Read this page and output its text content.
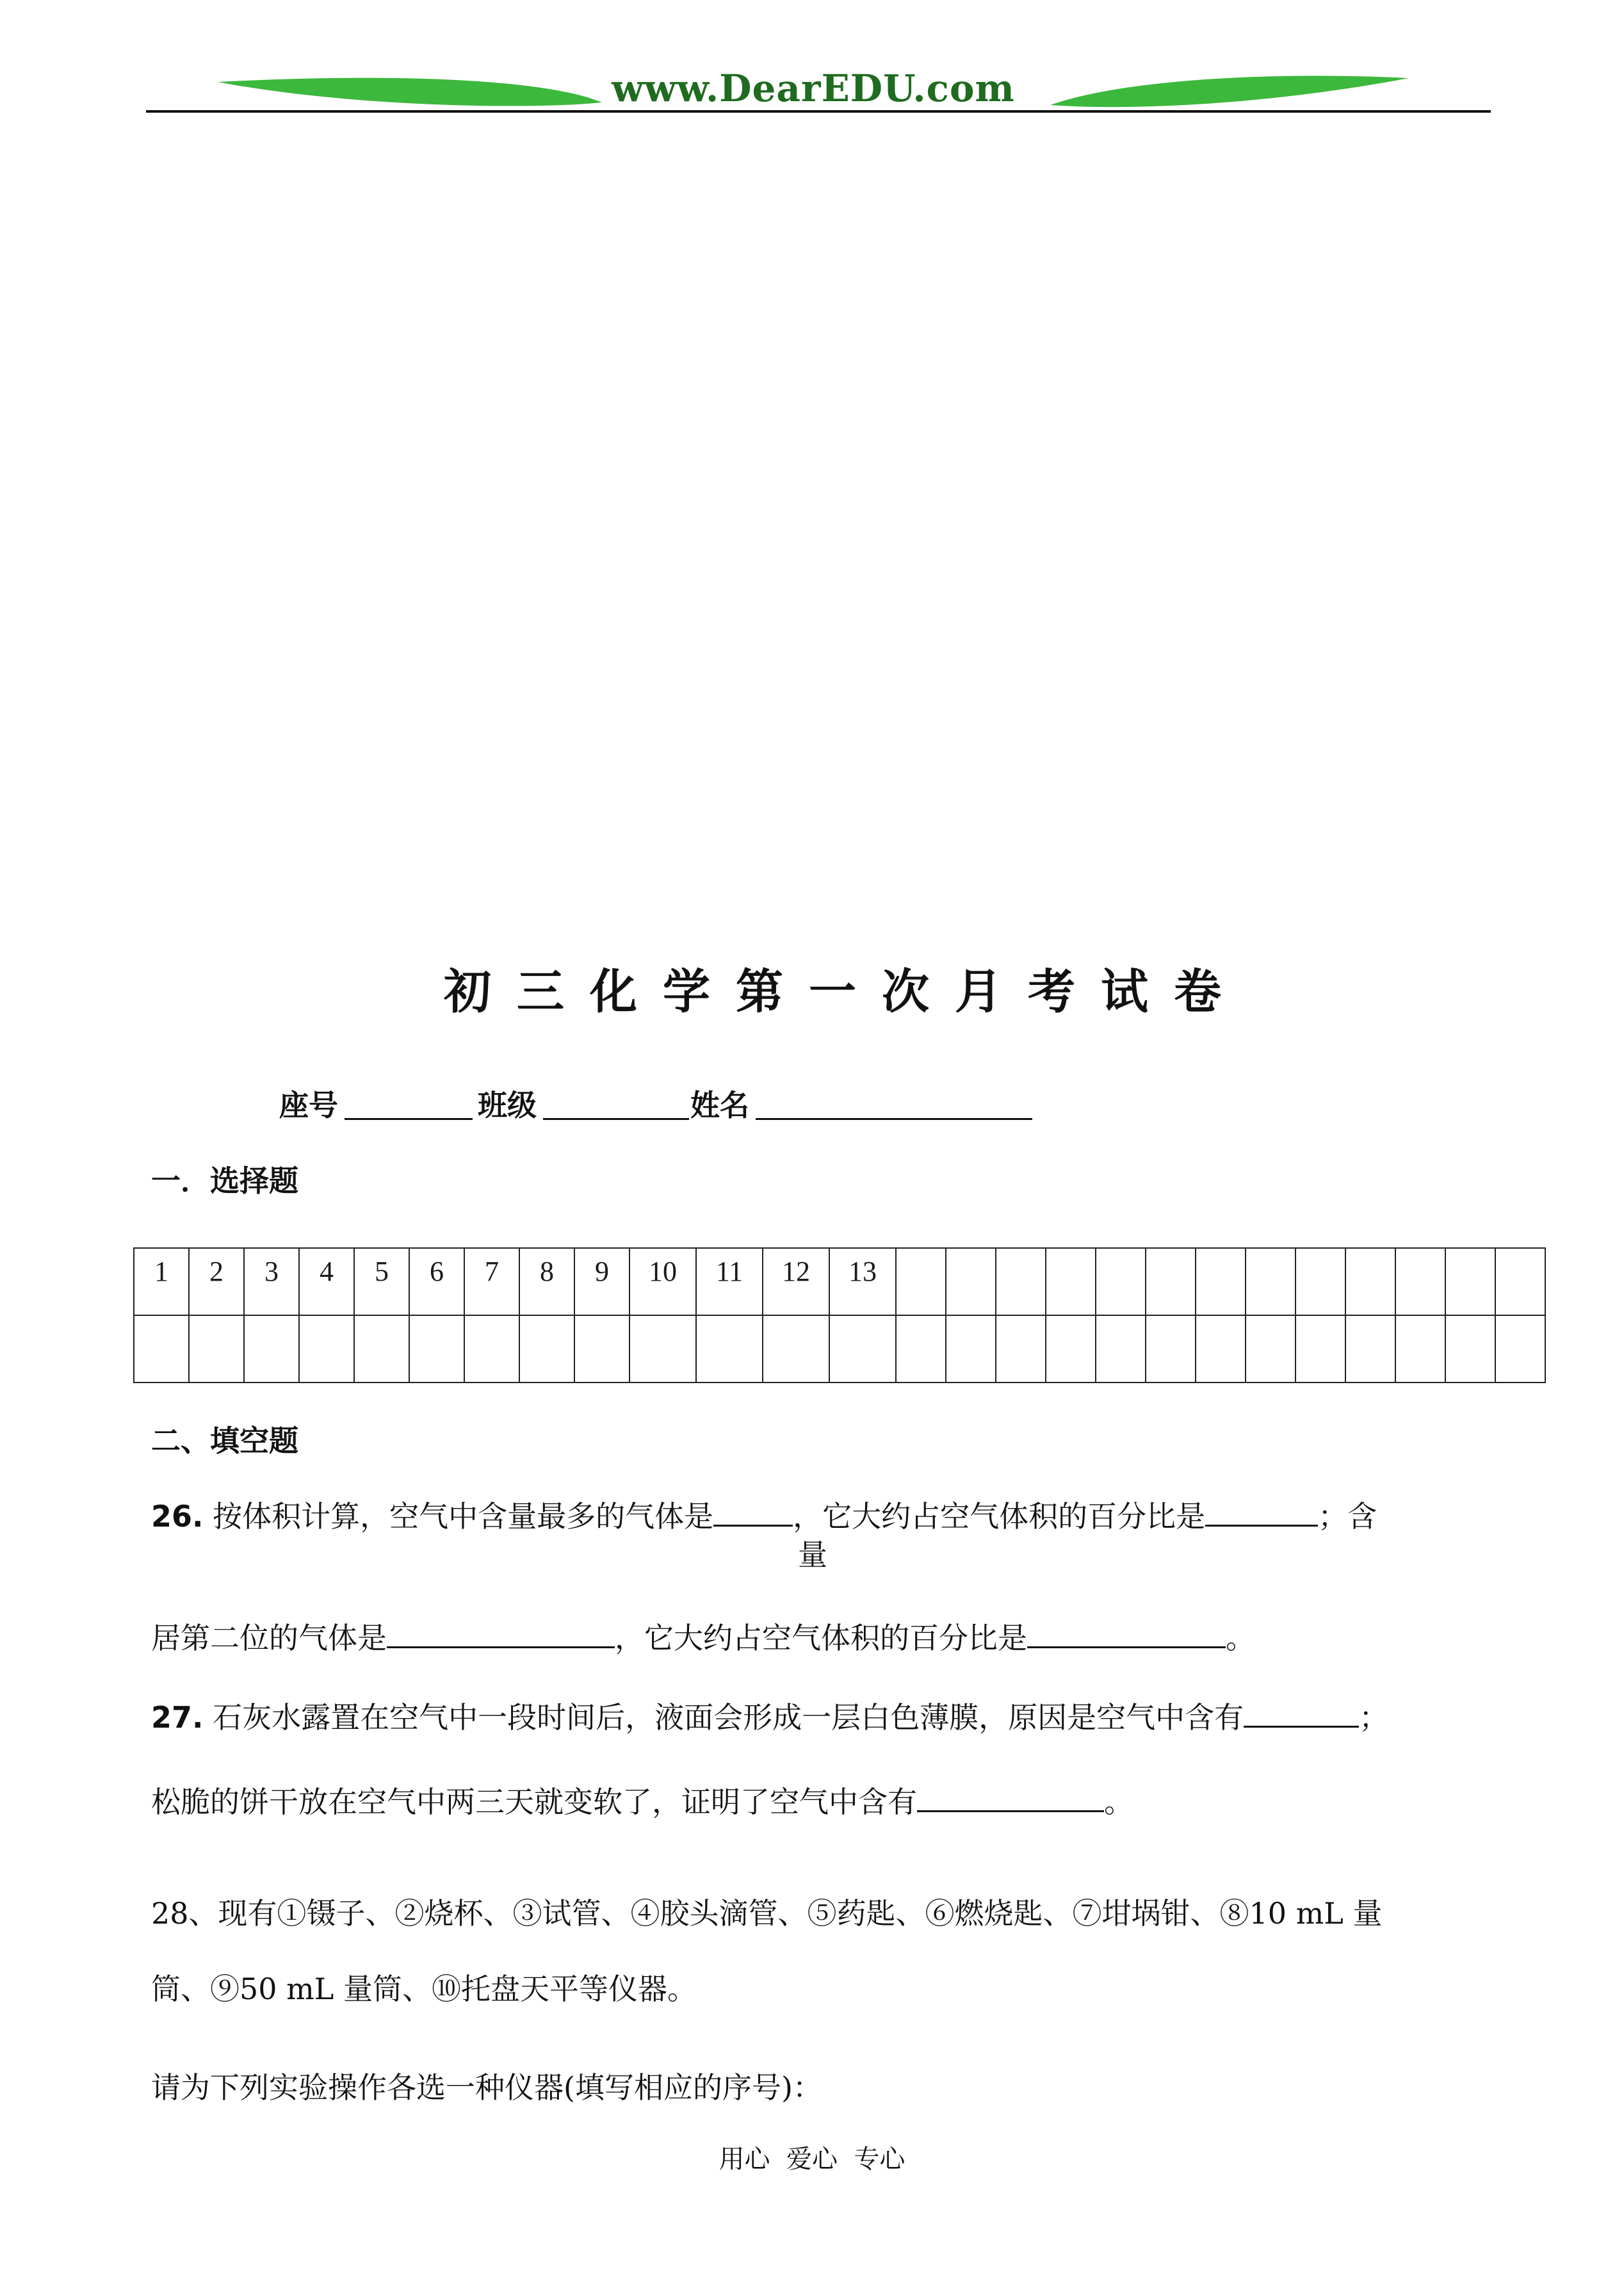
www.DearEDU.com
初三化学第一次月考试卷
座号	班级	姓名
一．选择题
1	2	3	4	5	6	7	8	9	10	11	12	13													

二、填空题
26. 按体积计算，空气中含量最多的气体是	，它大约占空气体积的百分比是	；含
量
居第二位的气体是	，它大约占空气体积的百分比是	。
27. 石灰水露置在空气中一段时间后，液面会形成一层白色薄膜，原因是空气中含有	；
松脆的饼干放在空气中两三天就变软了，证明了空气中含有	。
28、现有①镊子、②烧杯、③试管、④胶头滴管、⑤药匙、⑥燃烧匙、⑦坩埚钳、⑧10 mL 量
筒、⑨50 mL 量筒、⑩托盘天平等仪器。
请为下列实验操作各选一种仪器(填写相应的序号)：
用心  爱心  专心
